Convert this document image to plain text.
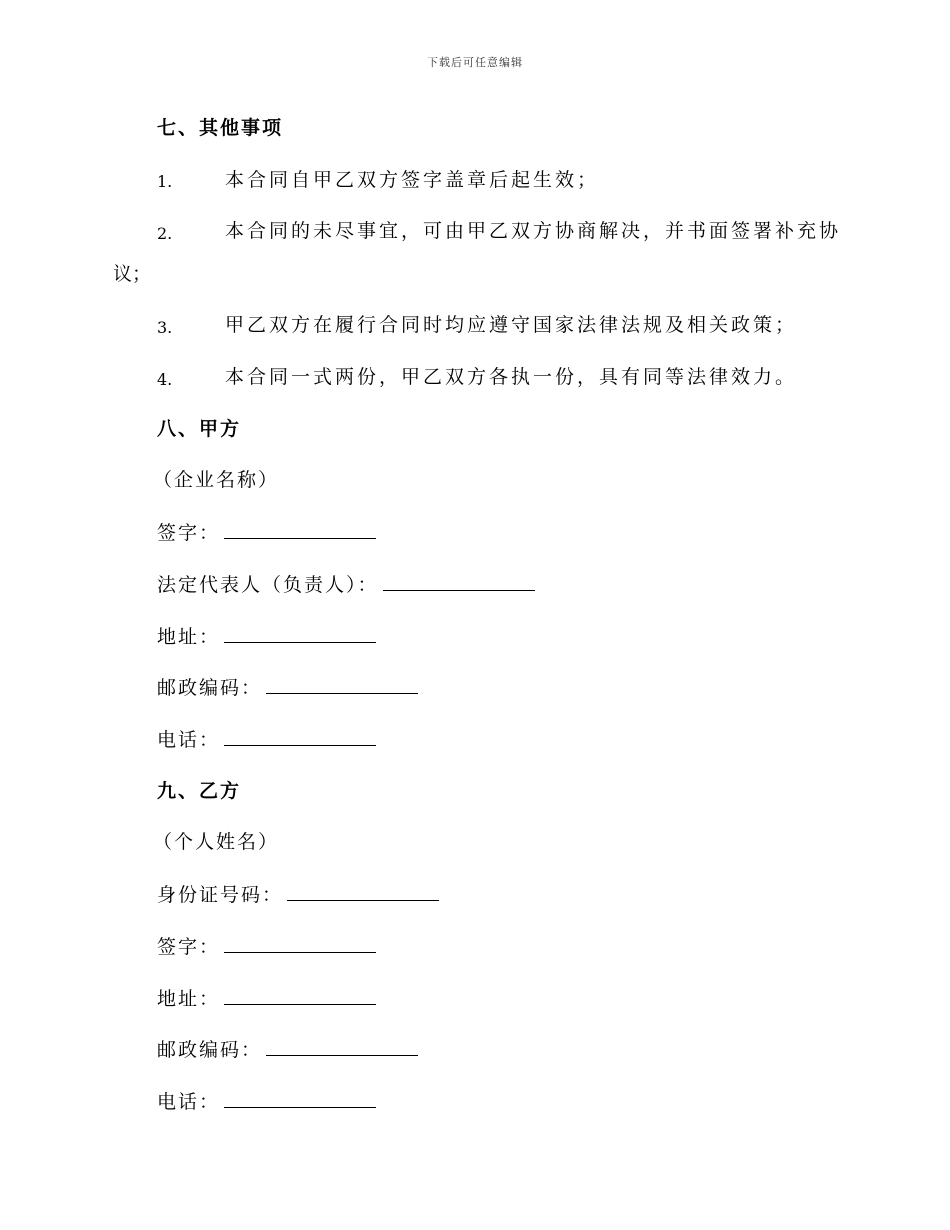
下载后可任意编辑
七、其他事项
1.	本合同自甲乙双方签字盖章后起生效；
2.	本合同的未尽事宜，可由甲乙双方协商解决，并书面签署补充协
议；
3.	甲乙双方在履行合同时均应遵守国家法律法规及相关政策；
4.	本合同一式两份，甲乙双方各执一份，具有同等法律效力。
八、甲方
（企业名称）
签字：
法定代表人（负责人）：
地址：
邮政编码：
电话：
九、乙方
（个人姓名）
身份证号码：
签字：
地址：
邮政编码：
电话：
